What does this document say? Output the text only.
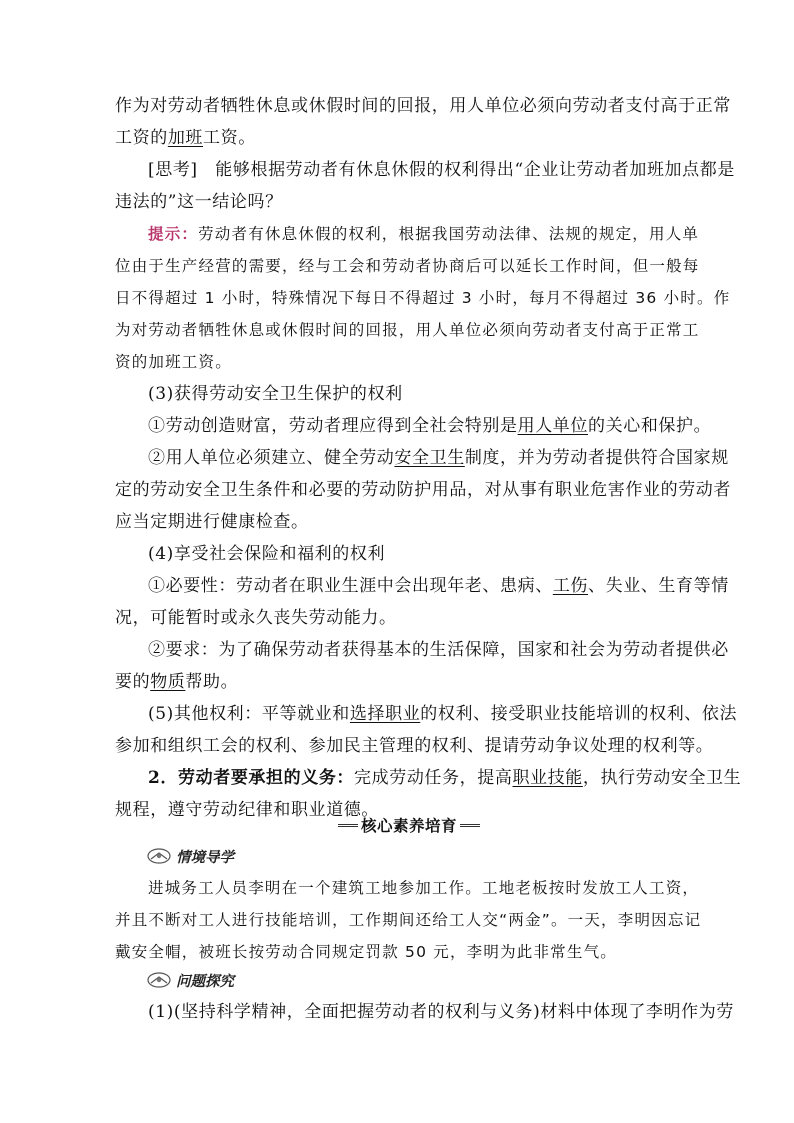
作为对劳动者牺牲休息或休假时间的回报，用人单位必须向劳动者支付高于正常
工资的加班工资。
[思考]　能够根据劳动者有休息休假的权利得出“企业让劳动者加班加点都是
违法的”这一结论吗？
提示：劳动者有休息休假的权利，根据我国劳动法律、法规的规定，用人单
位由于生产经营的需要，经与工会和劳动者协商后可以延长工作时间，但一般每
日不得超过 1 小时，特殊情况下每日不得超过 3 小时，每月不得超过 36 小时。作
为对劳动者牺牲休息或休假时间的回报，用人单位必须向劳动者支付高于正常工
资的加班工资。
(3)获得劳动安全卫生保护的权利
①劳动创造财富，劳动者理应得到全社会特别是用人单位的关心和保护。
②用人单位必须建立、健全劳动安全卫生制度，并为劳动者提供符合国家规
定的劳动安全卫生条件和必要的劳动防护用品，对从事有职业危害作业的劳动者
应当定期进行健康检查。
(4)享受社会保险和福利的权利
①必要性：劳动者在职业生涯中会出现年老、患病、工伤、失业、生育等情
况，可能暂时或永久丧失劳动能力。
②要求：为了确保劳动者获得基本的生活保障，国家和社会为劳动者提供必
要的物质帮助。
(5)其他权利：平等就业和选择职业的权利、接受职业技能培训的权利、依法
参加和组织工会的权利、参加民主管理的权利、提请劳动争议处理的权利等。
2．劳动者要承担的义务：完成劳动任务，提高职业技能，执行劳动安全卫生
规程，遵守劳动纪律和职业道德。
核心素养培育
情境导学
进城务工人员李明在一个建筑工地参加工作。工地老板按时发放工人工资，
并且不断对工人进行技能培训，工作期间还给工人交“两金”。一天，李明因忘记
戴安全帽，被班长按劳动合同规定罚款 50 元，李明为此非常生气。
问题探究
(1)(坚持科学精神，全面把握劳动者的权利与义务)材料中体现了李明作为劳
